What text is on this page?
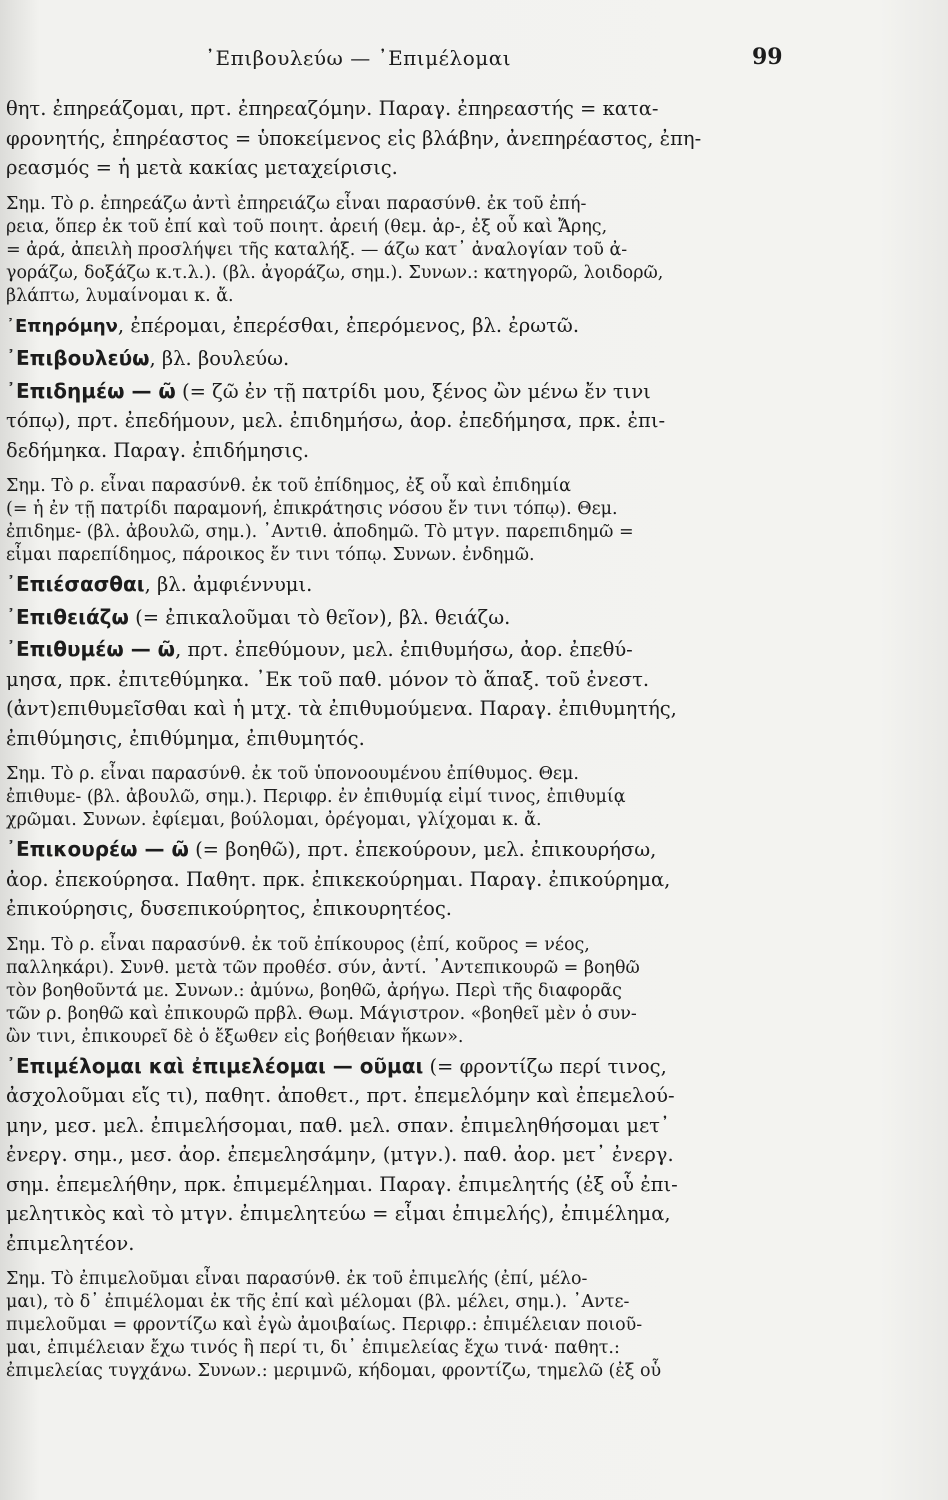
᾿Επιβουλεύω — ᾿Επιμέλομαι	99
θητ. ἐπηρεάζομαι, πρτ. ἐπηρεαζόμην. Παραγ. ἐπηρεαστής = κατα-
φρονητής, ἐπηρέαστος = ὑποκείμενος εἰς βλάβην, ἀνεπηρέαστος, ἐπη-
ρεασμός = ἡ μετὰ κακίας μεταχείρισις.
Σημ. Τὸ ρ. ἐπηρεάζω ἀντὶ ἐπηρειάζω εἶναι παρασύνθ. ἐκ τοῦ ἐπή-
ρεια, ὅπερ ἐκ τοῦ ἐπί καὶ τοῦ ποιητ. ἀρειή (θεμ. ἀρ-, ἐξ οὗ καὶ Ἄρης,
= ἀρά, ἀπειλὴ προσλήψει τῆς καταλήξ. — άζω κατ᾿ ἀναλογίαν τοῦ ἀ-
γοράζω, δοξάζω κ.τ.λ.). (βλ. ἀγοράζω, σημ.). Συνων.: κατηγορῶ, λοιδορῶ,
βλάπτω, λυμαίνομαι κ. ἄ.
᾿Επηρόμην, ἐπέρομαι, ἐπερέσθαι, ἐπερόμενος, βλ. ἐρωτῶ.
᾿Επιβουλεύω, βλ. βουλεύω.
᾿Επιδημέω — ῶ (= ζῶ ἐν τῇ πατρίδι μου, ξένος ὢν μένω ἔν τινι
τόπῳ), πρτ. ἐπεδήμουν, μελ. ἐπιδημήσω, ἀορ. ἐπεδήμησα, πρκ. ἐπι-
δεδήμηκα. Παραγ. ἐπιδήμησις.
Σημ. Τὸ ρ. εἶναι παρασύνθ. ἐκ τοῦ ἐπίδημος, ἐξ οὗ καὶ ἐπιδημία
(= ἡ ἐν τῇ πατρίδι παραμονή, ἐπικράτησις νόσου ἔν τινι τόπῳ). Θεμ.
ἐπιδημε- (βλ. ἀβουλῶ, σημ.). ᾿Αντιθ. ἀποδημῶ. Τὸ μτγν. παρεπιδημῶ =
εἶμαι παρεπίδημος, πάροικος ἔν τινι τόπῳ. Συνων. ἐνδημῶ.
᾿Επιέσασθαι, βλ. ἀμφιέννυμι.
᾿Επιθειάζω (= ἐπικαλοῦμαι τὸ θεῖον), βλ. θειάζω.
᾿Επιθυμέω — ῶ, πρτ. ἐπεθύμουν, μελ. ἐπιθυμήσω, ἀορ. ἐπεθύ-
μησα, πρκ. ἐπιτεθύμηκα. ᾿Εκ τοῦ παθ. μόνον τὸ ἅπαξ. τοῦ ἐνεστ.
(ἀντ)επιθυμεῖσθαι καὶ ἡ μτχ. τὰ ἐπιθυμούμενα. Παραγ. ἐπιθυμητής,
ἐπιθύμησις, ἐπιθύμημα, ἐπιθυμητός.
Σημ. Τὸ ρ. εἶναι παρασύνθ. ἐκ τοῦ ὑπονοουμένου ἐπίθυμος. Θεμ.
ἐπιθυμε- (βλ. ἀβουλῶ, σημ.). Περιφρ. ἐν ἐπιθυμίᾳ εἰμί τινος, ἐπιθυμίᾳ
χρῶμαι. Συνων. ἐφίεμαι, βούλομαι, ὀρέγομαι, γλίχομαι κ. ἄ.
᾿Επικουρέω — ῶ (= βοηθῶ), πρτ. ἐπεκούρουν, μελ. ἐπικουρήσω,
ἀορ. ἐπεκούρησα. Παθητ. πρκ. ἐπικεκούρημαι. Παραγ. ἐπικούρημα,
ἐπικούρησις, δυσεπικούρητος, ἐπικουρητέος.
Σημ. Τὸ ρ. εἶναι παρασύνθ. ἐκ τοῦ ἐπίκουρος (ἐπί, κοῦρος = νέος,
παλληκάρι). Συνθ. μετὰ τῶν προθέσ. σύν, ἀντί. ᾿Αντεπικουρῶ = βοηθῶ
τὸν βοηθοῦντά με. Συνων.: ἀμύνω, βοηθῶ, ἀρήγω. Περὶ τῆς διαφορᾶς
τῶν ρ. βοηθῶ καὶ ἐπικουρῶ πρβλ. Θωμ. Μάγιστρον. «βοηθεῖ μὲν ὁ συν-
ὢν τινι, ἐπικουρεῖ δὲ ὁ ἔξωθεν εἰς βοήθειαν ἥκων».
᾿Επιμέλομαι καὶ ἐπιμελέομαι — οῦμαι (= φροντίζω περί τινος,
ἀσχολοῦμαι εἴς τι), παθητ. ἀποθετ., πρτ. ἐπεμελόμην καὶ ἐπεμελού-
μην, μεσ. μελ. ἐπιμελήσομαι, παθ. μελ. σπαν. ἐπιμεληθήσομαι μετ᾿
ἐνεργ. σημ., μεσ. ἀορ. ἐπεμελησάμην, (μτγν.). παθ. ἀορ. μετ᾿ ἐνεργ.
σημ. ἐπεμελήθην, πρκ. ἐπιμεμέλημαι. Παραγ. ἐπιμελητής (ἐξ οὗ ἐπι-
μελητικὸς καὶ τὸ μτγν. ἐπιμελητεύω = εἶμαι ἐπιμελής), ἐπιμέλημα,
ἐπιμελητέον.
Σημ. Τὸ ἐπιμελοῦμαι εἶναι παρασύνθ. ἐκ τοῦ ἐπιμελής (ἐπί, μέλο-
μαι), τὸ δ᾿ ἐπιμέλομαι ἐκ τῆς ἐπί καὶ μέλομαι (βλ. μέλει, σημ.). ᾿Αντε-
πιμελοῦμαι = φροντίζω καὶ ἐγὼ ἀμοιβαίως. Περιφρ.: ἐπιμέλειαν ποιοῦ-
μαι, ἐπιμέλειαν ἔχω τινός ἢ περί τι, δι᾿ ἐπιμελείας ἔχω τινά· παθητ.:
ἐπιμελείας τυγχάνω. Συνων.: μεριμνῶ, κήδομαι, φροντίζω, τημελῶ (ἐξ οὗ
